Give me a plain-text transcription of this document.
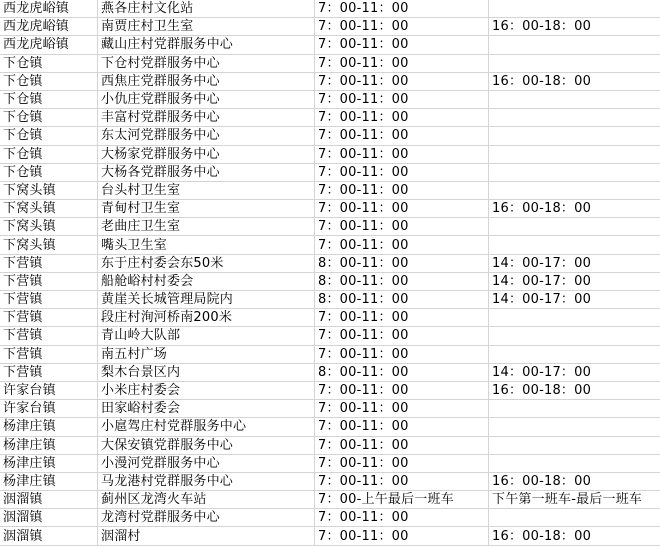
西龙虎峪镇	燕各庄村文化站	7：00-11：00	
西龙虎峪镇	南贾庄村卫生室	7：00-11：00	16：00-18：00
西龙虎峪镇	藏山庄村党群服务中心	7：00-11：00	
下仓镇	下仓村党群服务中心	7：00-11：00	
下仓镇	西焦庄党群服务中心	7：00-11：00	16：00-18：00
下仓镇	小仇庄党群服务中心	7：00-11：00	
下仓镇	丰富村党群服务中心	7：00-11：00	
下仓镇	东太河党群服务中心	7：00-11：00	
下仓镇	大杨家党群服务中心	7：00-11：00	
下仓镇	大杨各党群服务中心	7：00-11：00	
下窝头镇	台头村卫生室	7：00-11：00	
下窝头镇	青甸村卫生室	7：00-11：00	16：00-18：00
下窝头镇	老曲庄卫生室	7：00-11：00	
下窝头镇	嘴头卫生室	7：00-11：00	
下营镇	东于庄村委会东50米	8：00-11：00	14：00-17：00
下营镇	船舱峪村村委会	8：00-11：00	14：00-17：00
下营镇	黄崖关长城管理局院内	8：00-11：00	14：00-17：00
下营镇	段庄村洵河桥南200米	7：00-11：00	
下营镇	青山岭大队部	7：00-11：00	
下营镇	南五村广场	7：00-11：00	
下营镇	梨木台景区内	8：00-11：00	14：00-17：00
许家台镇	小米庄村委会	7：00-11：00	16：00-18：00
许家台镇	田家峪村委会	7：00-11：00	
杨津庄镇	小扈驾庄村党群服务中心	7：00-11：00	
杨津庄镇	大保安镇党群服务中心	7：00-11：00	
杨津庄镇	小漫河党群服务中心	7：00-11：00	
杨津庄镇	马龙港村党群服务中心	7：00-11：00	16：00-18：00
洇溜镇	蓟州区龙湾火车站	7：00-上午最后一班车	下午第一班车-最后一班车
洇溜镇	龙湾村党群服务中心	7：00-11：00	
洇溜镇	洇溜村	7：00-11：00	16：00-18：00
